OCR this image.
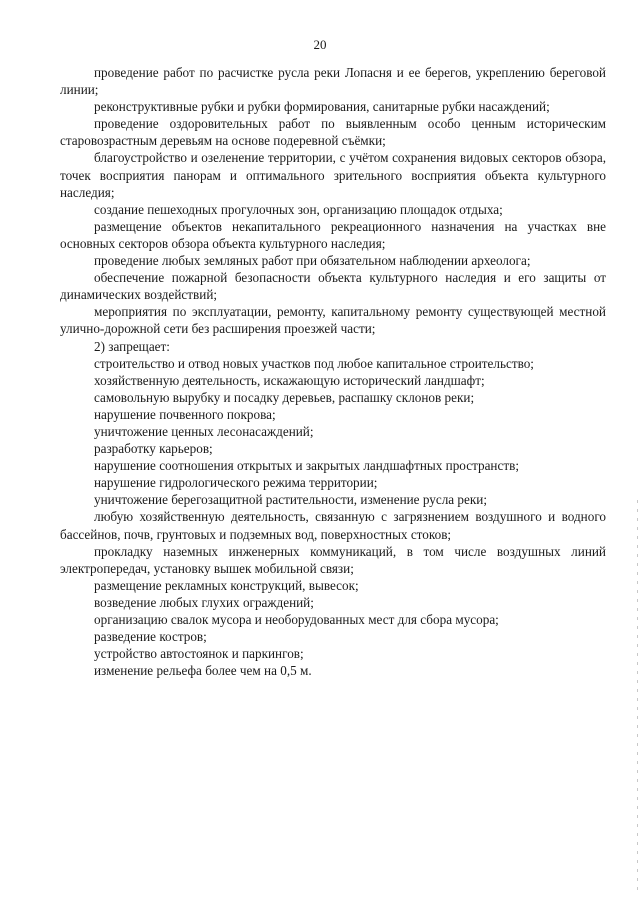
20

проведение работ по расчистке русла реки Лопасня и ее берегов, укреплению береговой линии;

реконструктивные рубки и рубки формирования, санитарные рубки насаждений;

проведение оздоровительных работ по выявленным особо ценным историческим старовозрастным деревьям на основе подеревной съёмки;

благоустройство и озеленение территории, с учётом сохранения видовых секторов обзора, точек восприятия панорам и оптимального зрительного восприятия объекта культурного наследия;

создание пешеходных прогулочных зон, организацию площадок отдыха;

размещение объектов некапитального рекреационного назначения на участках вне основных секторов обзора объекта культурного наследия;

проведение любых земляных работ при обязательном наблюдении археолога;

обеспечение пожарной безопасности объекта культурного наследия и его защиты от динамических воздействий;

мероприятия по эксплуатации, ремонту, капитальному ремонту существующей местной улично-дорожной сети без расширения проезжей части;

2) запрещает:

строительство и отвод новых участков под любое капитальное строительство;

хозяйственную деятельность, искажающую исторический ландшафт;

самовольную вырубку и посадку деревьев, распашку склонов реки;

нарушение почвенного покрова;

уничтожение ценных лесонасаждений;

разработку карьеров;

нарушение соотношения открытых и закрытых ландшафтных пространств;

нарушение гидрологического режима территории;

уничтожение берегозащитной растительности, изменение русла реки;

любую хозяйственную деятельность, связанную с загрязнением воздушного и водного бассейнов, почв, грунтовых и подземных вод, поверхностных стоков;

прокладку наземных инженерных коммуникаций, в том числе воздушных линий электропередач, установку вышек мобильной связи;

размещение рекламных конструкций, вывесок;

возведение любых глухих ограждений;

организацию свалок мусора и необорудованных мест для сбора мусора;

разведение костров;

устройство автостоянок и паркингов;

изменение рельефа более чем на 0,5 м.
